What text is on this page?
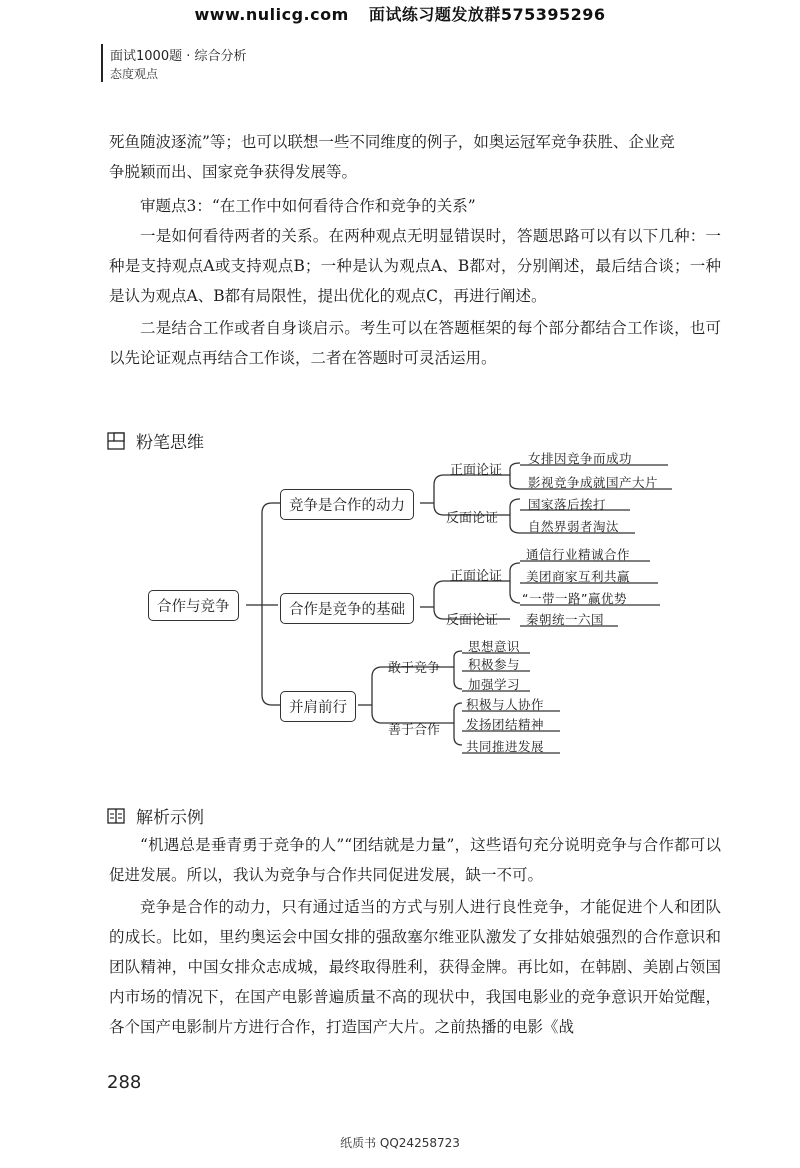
www.nulicg.com 面试练习题发放群575395296
面试1000题 · 综合分析
态度观点

死鱼随波逐流”等；也可以联想一些不同维度的例子，如奥运冠军竞争获胜、企业竞

争脱颖而出、国家竞争获得发展等。

审题点3：“在工作中如何看待合作和竞争的关系”

一是如何看待两者的关系。在两种观点无明显错误时，答题思路可以有以下几种：一种是支持观点A或支持观点B；一种是认为观点A、B都对，分别阐述，最后结合谈；一种是认为观点A、B都有局限性，提出优化的观点C，再进行阐述。

二是结合工作或者自身谈启示。考生可以在答题框架的每个部分都结合工作谈，也可以先论证观点再结合工作谈，二者在答题时可灵活运用。

粉笔思维
合作与竞争
竞争是合作的动力
正面论证
反面论证
女排因竞争而成功
影视竞争成就国产大片
国家落后挨打
自然界弱者淘汰
合作是竞争的基础
正面论证
反面论证
通信行业精诚合作
美团商家互利共赢
“一带一路”赢优势
秦朝统一六国
并肩前行
敢于竞争
善于合作
思想意识
积极参与
加强学习
积极与人协作
发扬团结精神
共同推进发展
解析示例

“机遇总是垂青勇于竞争的人”“团结就是力量”，这些语句充分说明竞争与合作都可以促进发展。所以，我认为竞争与合作共同促进发展，缺一不可。

竞争是合作的动力，只有通过适当的方式与别人进行良性竞争，才能促进个人和团队的成长。比如，里约奥运会中国女排的强敌塞尔维亚队激发了女排姑娘强烈的合作意识和团队精神，中国女排众志成城，最终取得胜利，获得金牌。再比如，在韩剧、美剧占领国内市场的情况下，在国产电影普遍质量不高的现状中，我国电影业的竞争意识开始觉醒，各个国产电影制片方进行合作，打造国产大片。之前热播的电影《战

288
纸质书 QQ24258723
